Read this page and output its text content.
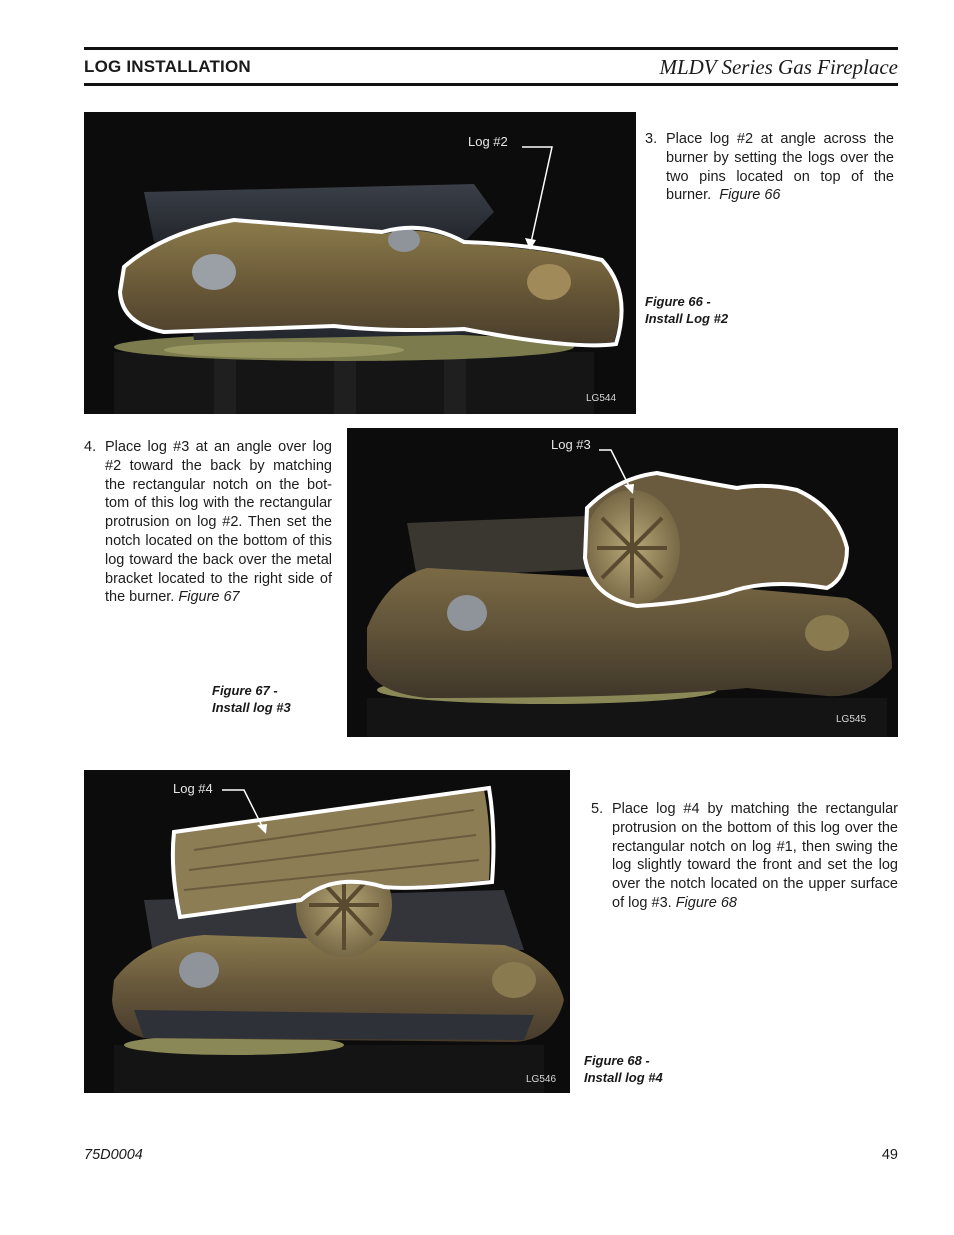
LOG INSTALLATION	MLDV Series Gas Fireplace
Log #2
LG544
3. Place log #2 at angle across the burner by setting the logs over the two pins located on top of the burner. Figure 66
Figure 66 -
Install Log #2
4. Place log #3 at an angle over log #2 toward the back by matching the rectangular notch on the bot-tom of this log with the rectangular protrusion on log #2. Then set the notch located on the bottom of this log toward the back over the metal bracket located to the right side of the burner. Figure 67
Figure 67 -
Install log #3
Log #3
LG545
Log #4
LG546
5. Place log #4 by matching the rectangular protrusion on the bottom of this log over the rectangular notch on log #1, then swing the log slightly toward the front and set the log over the notch located on the upper surface of log #3. Figure 68
Figure 68 -
Install log #4
75D0004	49
